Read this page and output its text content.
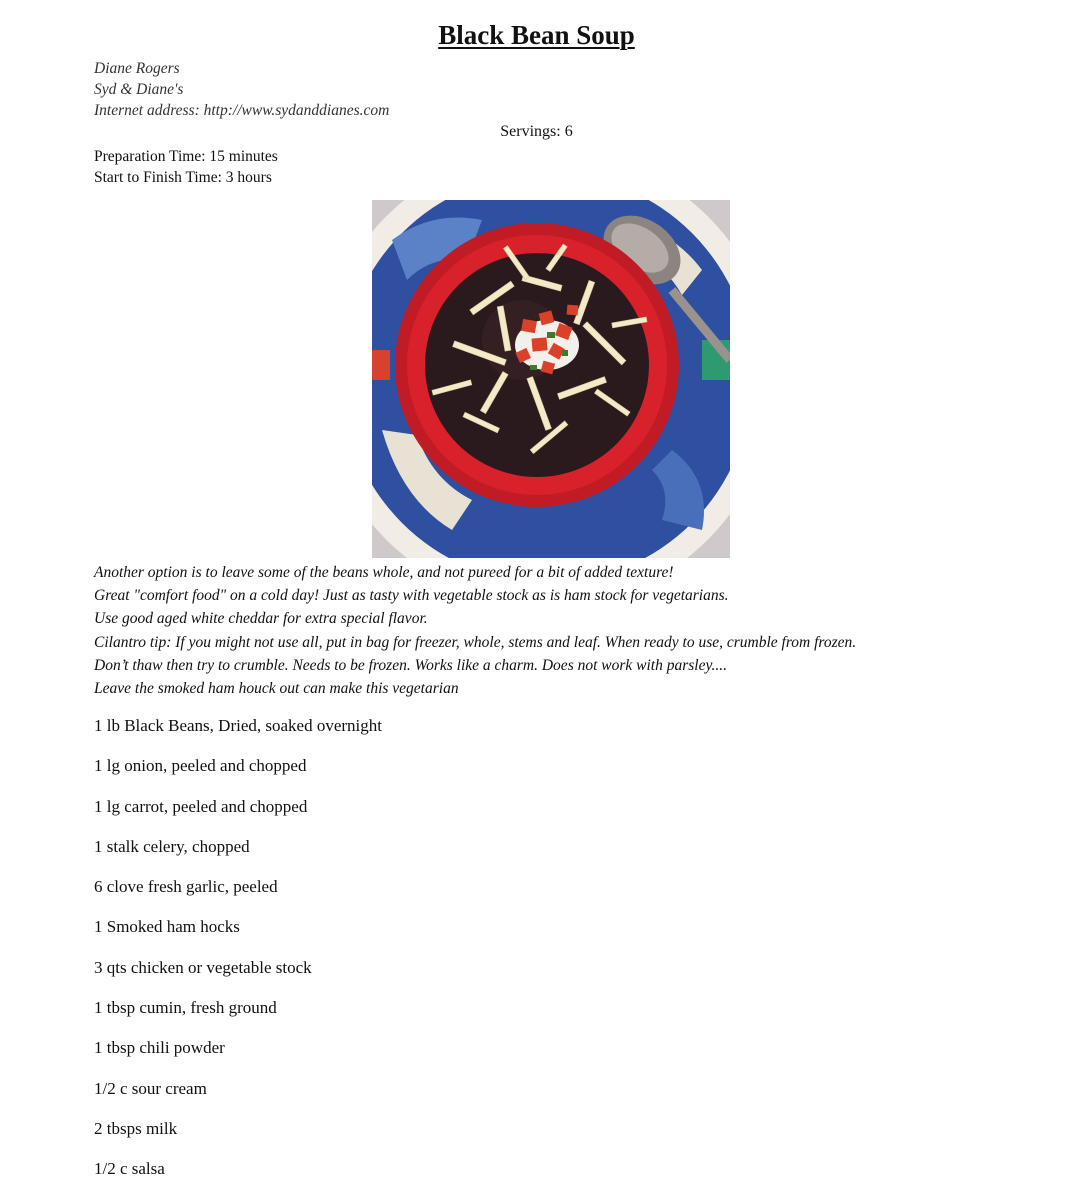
Black Bean Soup
Diane Rogers
Syd & Diane's
Internet address: http://www.sydanddianes.com
Servings: 6
Preparation Time: 15 minutes
Start to Finish Time: 3 hours
Another option is to leave some of the beans whole, and not pureed for a bit of added texture!
Great "comfort food" on a cold day! Just as tasty with vegetable stock as is ham stock for vegetarians.
Use good aged white cheddar for extra special flavor.
Cilantro tip: If you might not use all, put in bag for freezer, whole, stems and leaf. When ready to use, crumble from frozen.
Don’t thaw then try to crumble. Needs to be frozen. Works like a charm. Does not work with parsley....
Leave the smoked ham houck out can make this vegetarian
1 lb Black Beans, Dried, soaked overnight
1 lg onion, peeled and chopped
1 lg carrot, peeled and chopped
1 stalk celery, chopped
6 clove fresh garlic, peeled
1 Smoked ham hocks
3 qts chicken or vegetable stock
1 tbsp cumin, fresh ground
1 tbsp chili powder
1/2 c sour cream
2 tbsps milk
1/2 c salsa
